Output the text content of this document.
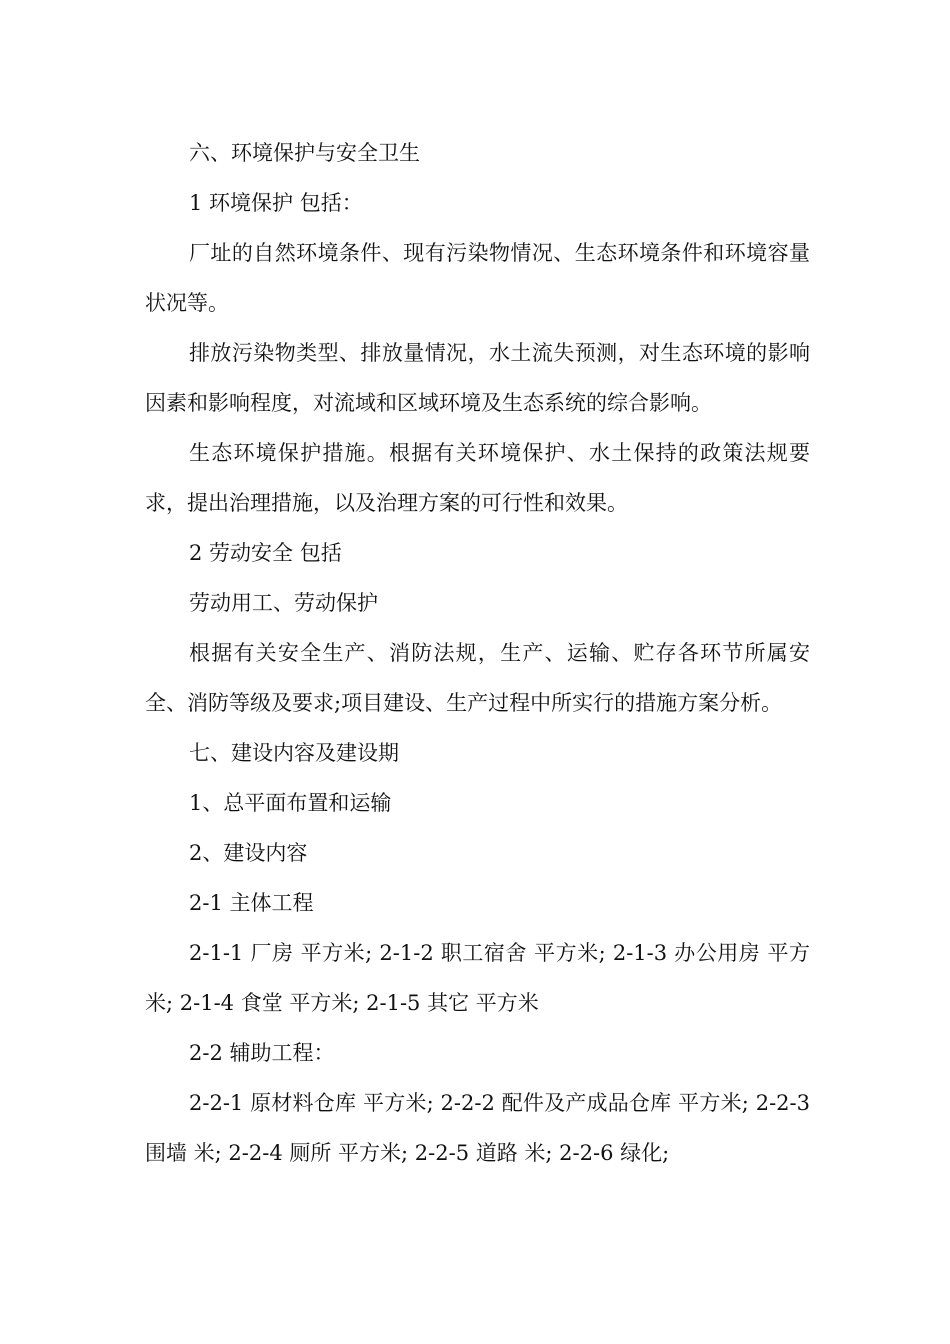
六、环境保护与安全卫生

1 环境保护 包括：

厂址的自然环境条件、现有污染物情况、生态环境条件和环境容量状况等。

排放污染物类型、排放量情况，水土流失预测，对生态环境的影响因素和影响程度，对流域和区域环境及生态系统的综合影响。

生态环境保护措施。根据有关环境保护、水土保持的政策法规要求，提出治理措施，以及治理方案的可行性和效果。

2 劳动安全 包括

劳动用工、劳动保护

根据有关安全生产、消防法规，生产、运输、贮存各环节所属安全、消防等级及要求;项目建设、生产过程中所实行的措施方案分析。

七、建设内容及建设期

1、总平面布置和运输

2、建设内容

2-1 主体工程

2-1-1 厂房 平方米; 2-1-2 职工宿舍 平方米; 2-1-3 办公用房 平方米; 2-1-4 食堂 平方米; 2-1-5 其它 平方米

2-2 辅助工程：

2-2-1 原材料仓库 平方米; 2-2-2 配件及产成品仓库 平方米; 2-2-3 围墙 米; 2-2-4 厕所 平方米; 2-2-5 道路 米; 2-2-6 绿化;
